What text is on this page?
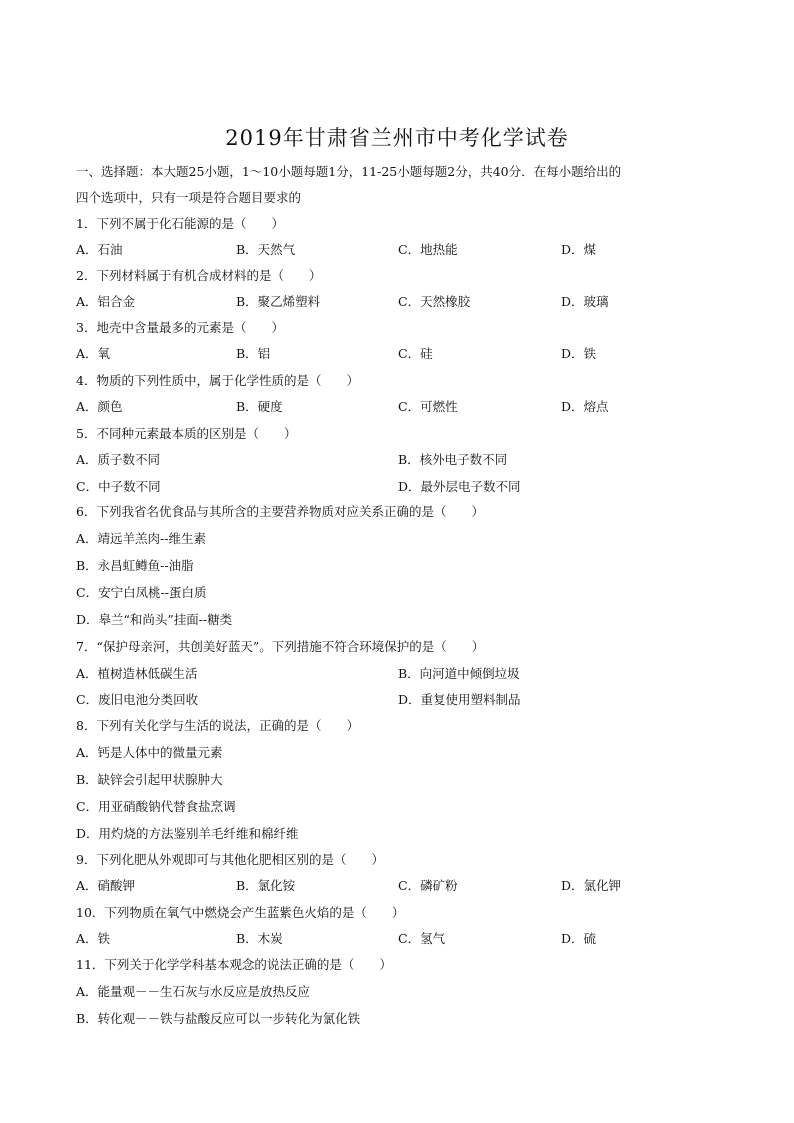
2019年甘肃省兰州市中考化学试卷
一、选择题：本大题25小题，1～10小题每题1分，11-25小题每题2分，共40分．在每小题给出的
四个选项中，只有一项是符合题目要求的
1．下列不属于化石能源的是（　　）
A．石油	B．天然气	C．地热能	D．煤
2．下列材料属于有机合成材料的是（　　）
A．铝合金	B．聚乙烯塑料	C．天然橡胶	D．玻璃
3．地壳中含量最多的元素是（　　）
A．氧	B．铝	C．硅	D．铁
4．物质的下列性质中，属于化学性质的是（　　）
A．颜色	B．硬度	C．可燃性	D．熔点
5．不同种元素最本质的区别是（　　）
A．质子数不同	B．核外电子数不同
C．中子数不同	D．最外层电子数不同
6．下列我省名优食品与其所含的主要营养物质对应关系正确的是（　　）
A．靖远羊羔肉--维生素
B．永昌虹鳟鱼--油脂
C．安宁白凤桃--蛋白质
D．皋兰“和尚头”挂面--糖类
7．“保护母亲河，共创美好蓝天”。下列措施不符合环境保护的是（　　）
A．植树造林低碳生活	B．向河道中倾倒垃圾
C．废旧电池分类回收	D．重复使用塑料制品
8．下列有关化学与生活的说法，正确的是（　　）
A．钙是人体中的微量元素
B．缺锌会引起甲状腺肿大
C．用亚硝酸钠代替食盐烹调
D．用灼烧的方法鉴别羊毛纤维和棉纤维
9．下列化肥从外观即可与其他化肥相区别的是（　　）
A．硝酸钾	B．氯化铵	C．磷矿粉	D．氯化钾
10．下列物质在氧气中燃烧会产生蓝紫色火焰的是（　　）
A．铁	B．木炭	C．氢气	D．硫
11．下列关于化学学科基本观念的说法正确的是（　　）
A．能量观－－生石灰与水反应是放热反应
B．转化观－－铁与盐酸反应可以一步转化为氯化铁
